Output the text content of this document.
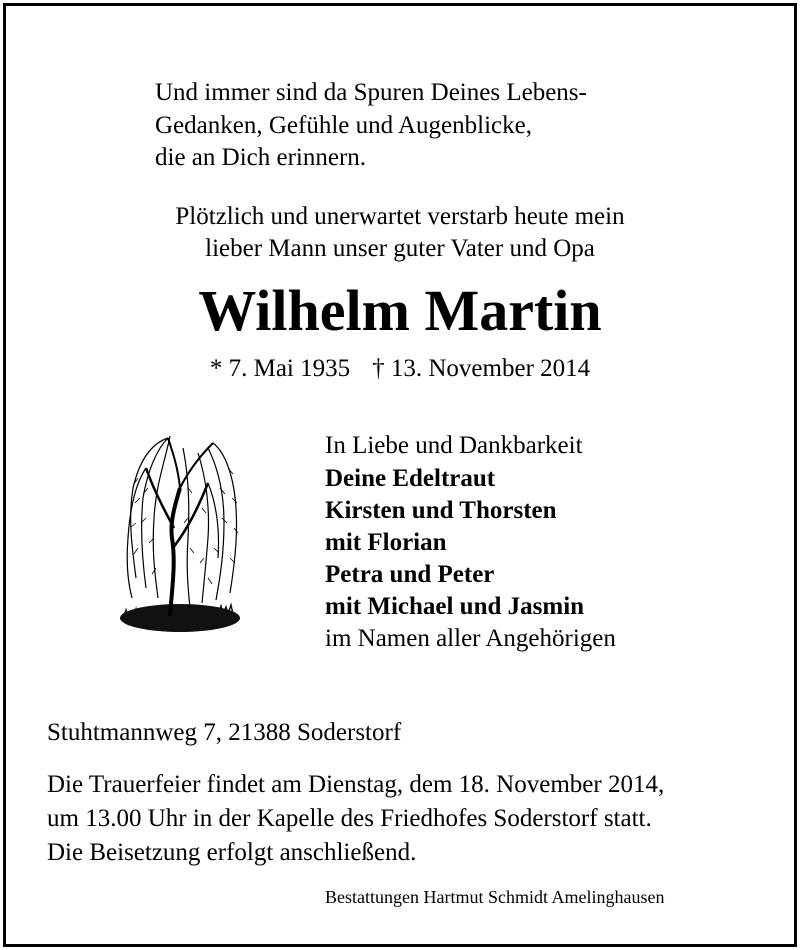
Und immer sind da Spuren Deines Lebens-
Gedanken, Gefühle und Augenblicke,
die an Dich erinnern.
Plötzlich und unerwartet verstarb heute mein
lieber Mann unser guter Vater und Opa
Wilhelm Martin
* 7. Mai 1935 † 13. November 2014
In Liebe und Dankbarkeit
Deine Edeltraut
Kirsten und Thorsten
mit Florian
Petra und Peter
mit Michael und Jasmin
im Namen aller Angehörigen
Stuhtmannweg 7, 21388 Soderstorf
Die Trauerfeier findet am Dienstag, dem 18. November 2014,
um 13.00 Uhr in der Kapelle des Friedhofes Soderstorf statt.
Die Beisetzung erfolgt anschließend.
Bestattungen Hartmut Schmidt Amelinghausen
